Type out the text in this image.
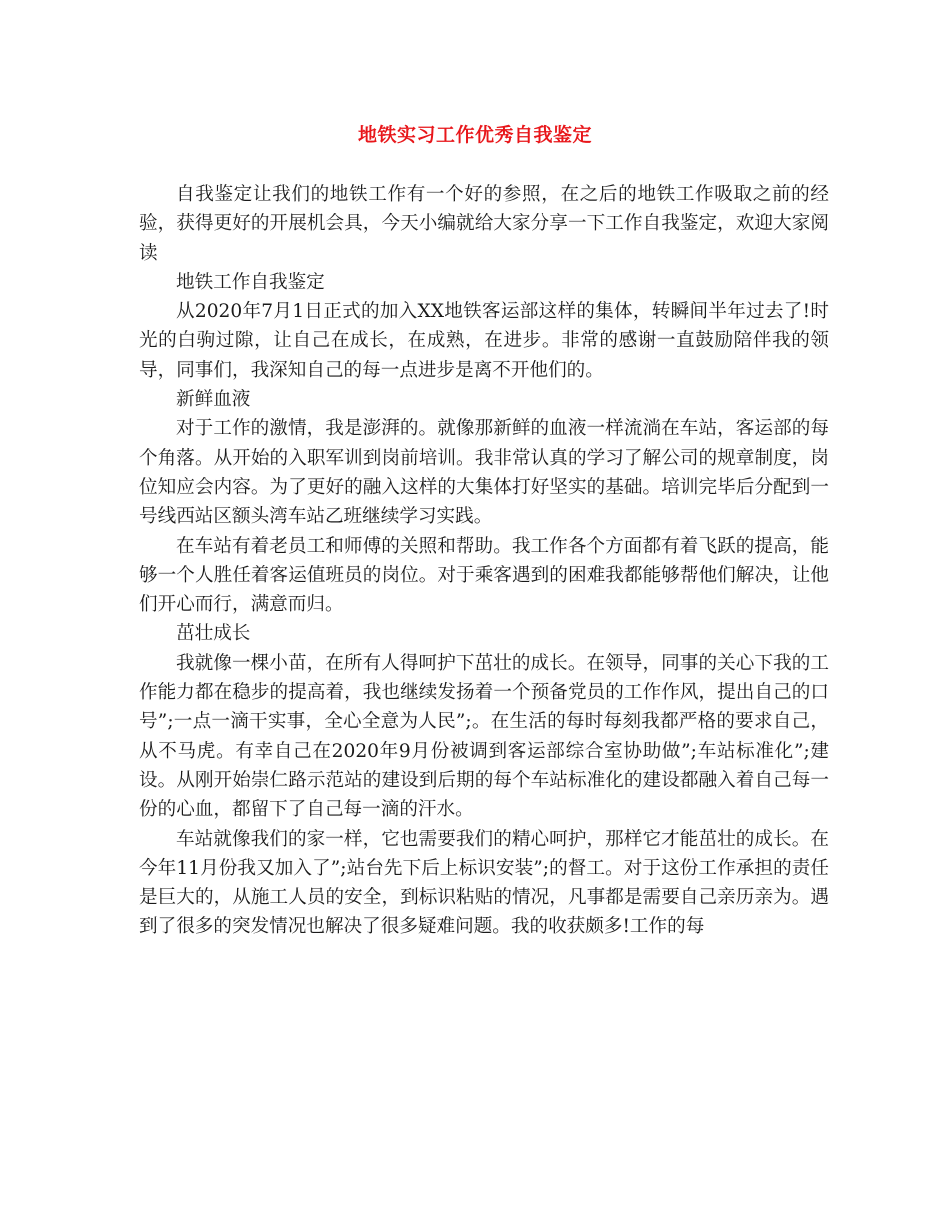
地铁实习工作优秀自我鉴定

自我鉴定让我们的地铁工作有一个好的参照，在之后的地铁工作吸取之前的经验，获得更好的开展机会具，今天小编就给大家分享一下工作自我鉴定，欢迎大家阅读

地铁工作自我鉴定

从2020年7月1日正式的加入XX地铁客运部这样的集体，转瞬间半年过去了!时光的白驹过隙，让自己在成长，在成熟，在进步。非常的感谢一直鼓励陪伴我的领导，同事们，我深知自己的每一点进步是离不开他们的。

新鲜血液

对于工作的激情，我是澎湃的。就像那新鲜的血液一样流淌在车站，客运部的每个角落。从开始的入职军训到岗前培训。我非常认真的学习了解公司的规章制度，岗位知应会内容。为了更好的融入这样的大集体打好坚实的基础。培训完毕后分配到一号线西站区额头湾车站乙班继续学习实践。

在车站有着老员工和师傅的关照和帮助。我工作各个方面都有着飞跃的提高，能够一个人胜任着客运值班员的岗位。对于乘客遇到的困难我都能够帮他们解决，让他们开心而行，满意而归。

茁壮成长

我就像一棵小苗，在所有人得呵护下茁壮的成长。在领导，同事的关心下我的工作能力都在稳步的提高着，我也继续发扬着一个预备党员的工作作风，提出自己的口号”;一点一滴干实事，全心全意为人民”;。在生活的每时每刻我都严格的要求自己，从不马虎。有幸自己在2020年9月份被调到客运部综合室协助做”;车站标准化”;建设。从刚开始崇仁路示范站的建设到后期的每个车站标准化的建设都融入着自己每一份的心血，都留下了自己每一滴的汗水。

车站就像我们的家一样，它也需要我们的精心呵护，那样它才能茁壮的成长。在今年11月份我又加入了”;站台先下后上标识安装”;的督工。对于这份工作承担的责任是巨大的，从施工人员的安全，到标识粘贴的情况，凡事都是需要自己亲历亲为。遇到了很多的突发情况也解决了很多疑难问题。我的收获颇多!工作的每
